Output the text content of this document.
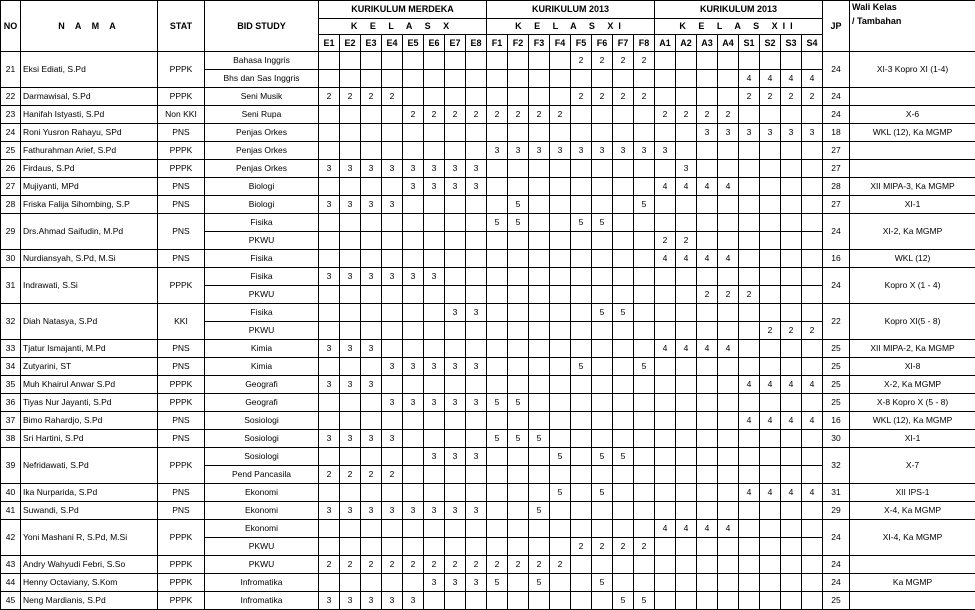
NO	N A M A	STAT	BID STUDY	KURIKULUM MERDEKA								KURIKULUM 2013								KURIKULUM 2013								JP	Wali Kelas
/ Tambahan

				K E L A S X								K E L A S XI								K E L A S XII									
				E1	E2	E3	E4	E5	E6	E7	E8	F1	F2	F3	F4	F5	F6	F7	F8	A1	A2	A3	A4	S1	S2	S3	S4		
21	Eksi Ediati, S.Pd	PPPK	Bahasa Inggris													2	2	2	2									24	XI-3 Kopro XI (1-4)
			Bhs dan Sas Inggris																					4	4	4	4		
22	Darmawisal, S.Pd	PPPK	Seni Musik	2	2	2	2									2	2	2	2					2	2	2	2	24	
23	Hanifah Istyasti, S.Pd	Non KKI	Seni Rupa					2	2	2	2	2	2	2	2					2	2	2	2					24	X-6
24	Roni Yusron Rahayu, SPd	PNS	Penjas Orkes																			3	3	3	3	3	3	18	WKL (12), Ka MGMP
25	Fathurahman Arief, S.Pd	PPPK	Penjas Orkes									3	3	3	3	3	3	3	3	3								27	
26	Firdaus, S.Pd	PPPK	Penjas Orkes	3	3	3	3	3	3	3	3										3							27	
27	Mujiyanti, MPd	PNS	Biologi					3	3	3	3									4	4	4	4					28	XII MIPA-3, Ka MGMP
28	Friska Falija Sihombing, S.P	PNS	Biologi	3	3	3	3						5						5									27	XI-1
29	Drs.Ahmad Saifudin, M.Pd	PNS	Fisika									5	5			5	5											24	XI-2, Ka MGMP
			PKWU																	2	2								
30	Nurdiansyah, S.Pd, M.Si	PNS	Fisika																	4	4	4	4					16	WKL (12)
31	Indrawati, S.Si	PPPK	Fisika	3	3	3	3	3	3																			24	Kopro X (1 - 4)
			PKWU																			2	2	2					
32	Diah Natasya, S.Pd	KKI	Fisika							3	3						5	5										22	Kopro XI(5 - 8)
			PKWU																						2	2	2		
33	Tjatur Ismajanti, M.Pd	PNS	Kimia	3	3	3														4	4	4	4					25	XII MIPA-2, Ka MGMP
34	Zutyarini, ST	PNS	Kimia				3	3	3	3	3					5			5									25	XI-8
35	Muh Khairul Anwar S.Pd	PPPK	Geografi	3	3	3																		4	4	4	4	25	X-2, Ka MGMP
36	Tiyas Nur Jayanti, S.Pd	PPPK	Geografi				3	3	3	3	3	5	5															25	X-8 Kopro X (5 - 8)
37	Bimo Rahardjo, S.Pd	PNS	Sosiologi																					4	4	4	4	16	WKL (12), Ka MGMP
38	Sri Hartini, S.Pd	PNS	Sosiologi	3	3	3	3					5	5	5														30	XI-1
39	Nefridawati, S.Pd	PPPK	Sosiologi						3	3	3				5		5	5										32	X-7
			Pend Pancasila	2	2	2	2																						
40	Ika Nurparida, S.Pd	PNS	Ekonomi												5		5							4	4	4	4	31	XII IPS-1
41	Suwandi, S.Pd	PNS	Ekonomi	3	3	3	3	3	3	3	3			5														29	X-4, Ka MGMP
42	Yoni Mashani R, S.Pd, M.Si	PPPK	Ekonomi																	4	4	4	4					24	XI-4, Ka MGMP
			PKWU													2	2	2	2										
43	Andry Wahyudi Febri, S.So	PPPK	PKWU	2	2	2	2	2	2	2	2	2	2	2	2													24	
44	Henny Octaviany, S.Kom	PPPK	Infromatika						3	3	3	5		5			5											24	Ka MGMP
45	Neng Mardianis, S.Pd	PPPK	Infromatika	3	3	3	3	3										5	5									25	
